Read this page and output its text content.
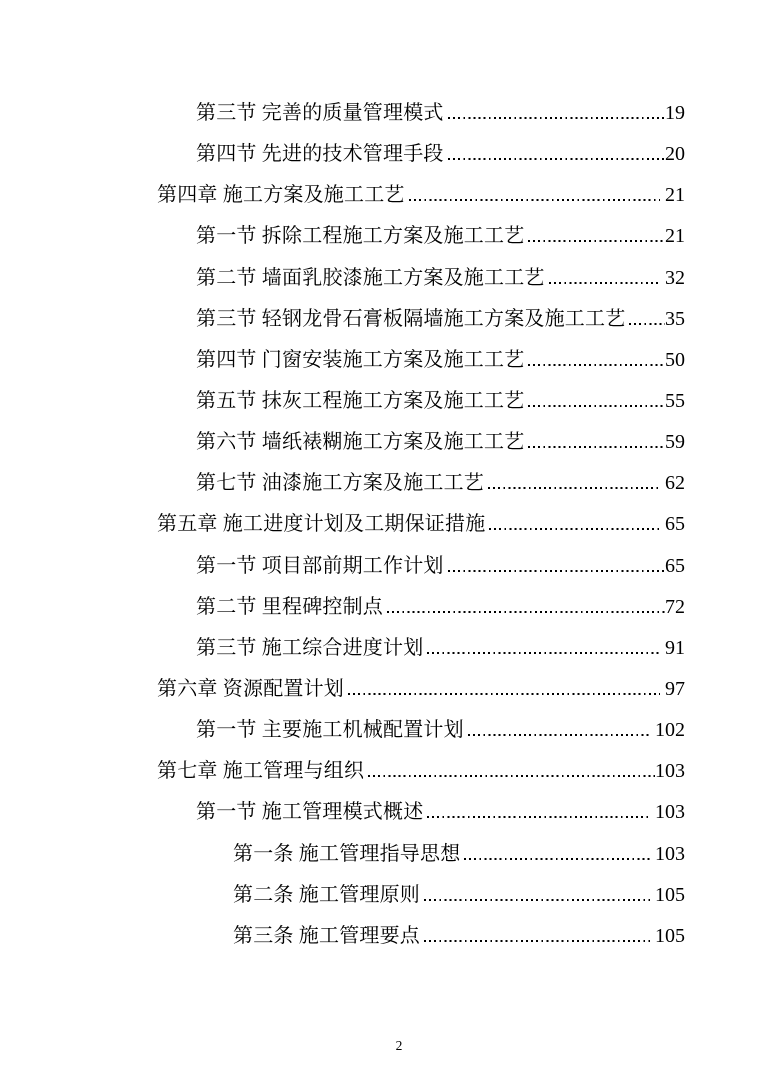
第三节 完善的质量管理模式	19
第四节 先进的技术管理手段	20
第四章 施工方案及施工工艺	21
第一节 拆除工程施工方案及施工工艺	21
第二节 墙面乳胶漆施工方案及施工工艺	32
第三节 轻钢龙骨石膏板隔墙施工方案及施工工艺 35
第四节 门窗安装施工方案及施工工艺	50
第五节 抹灰工程施工方案及施工工艺	55
第六节 墙纸裱糊施工方案及施工工艺	59
第七节 油漆施工方案及施工工艺	62
第五章 施工进度计划及工期保证措施	65
第一节 项目部前期工作计划	65
第二节 里程碑控制点	72
第三节 施工综合进度计划	91
第六章 资源配置计划	97
第一节 主要施工机械配置计划	102
第七章 施工管理与组织	103
第一节 施工管理模式概述	103
第一条 施工管理指导思想	103
第二条 施工管理原则	105
第三条 施工管理要点	105
2
